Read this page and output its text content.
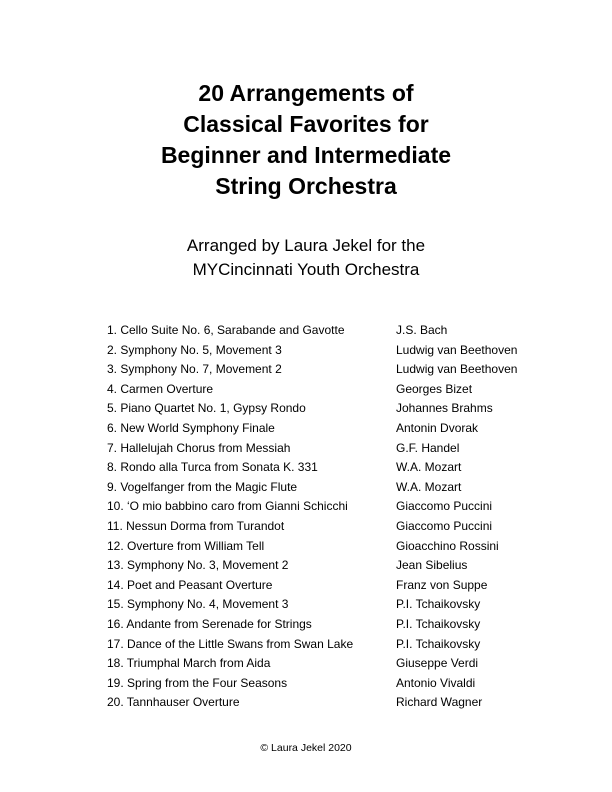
20 Arrangements of
Classical Favorites for
Beginner and Intermediate
String Orchestra
Arranged by Laura Jekel for the
MYCincinnati Youth Orchestra
1. Cello Suite No. 6, Sarabande and Gavotte	J.S. Bach
2. Symphony No. 5, Movement 3	Ludwig van Beethoven
3. Symphony No. 7, Movement 2	Ludwig van Beethoven
4. Carmen Overture	Georges Bizet
5. Piano Quartet No. 1, Gypsy Rondo	Johannes Brahms
6. New World Symphony Finale	Antonin Dvorak
7. Hallelujah Chorus from Messiah	G.F. Handel
8. Rondo alla Turca from Sonata K. 331	W.A. Mozart
9. Vogelfanger from the Magic Flute	W.A. Mozart
10. ‘O mio babbino caro from Gianni Schicchi	Giaccomo Puccini
11. Nessun Dorma from Turandot	Giaccomo Puccini
12. Overture from William Tell	Gioacchino Rossini
13. Symphony No. 3, Movement 2	Jean Sibelius
14. Poet and Peasant Overture	Franz von Suppe
15. Symphony No. 4, Movement 3	P.I. Tchaikovsky
16. Andante from Serenade for Strings	P.I. Tchaikovsky
17. Dance of the Little Swans from Swan Lake	P.I. Tchaikovsky
18. Triumphal March from Aida	Giuseppe Verdi
19. Spring from the Four Seasons	Antonio Vivaldi
20. Tannhauser Overture	Richard Wagner
© Laura Jekel 2020
